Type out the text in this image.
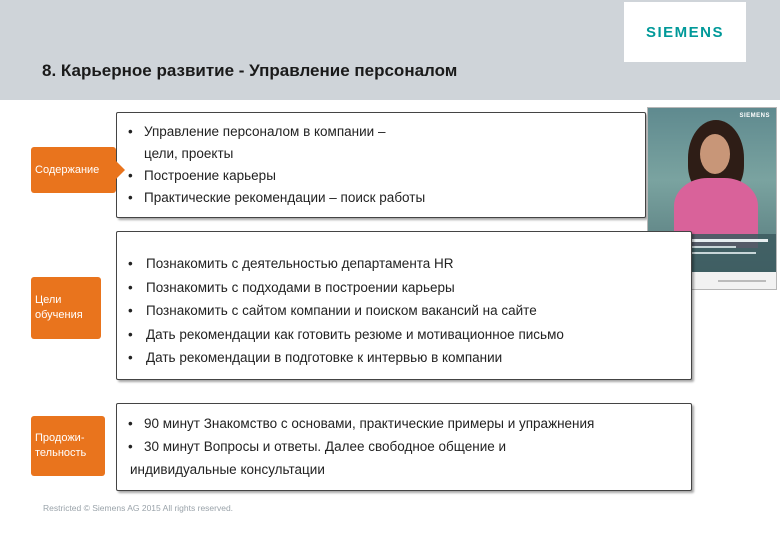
SIEMENS
8. Карьерное развитие - Управление персоналом
Содержание
• Управление персоналом в компании –
цели, проекты
• Построение карьеры
• Практические рекомендации – поиск работы
SIEMENS
Цели
обучения
• Познакомить с деятельностью департамента HR
• Познакомить с подходами в построении карьеры
• Познакомить с сайтом компании и поиском вакансий на сайте
• Дать рекомендации как готовить резюме и мотивационное письмо
• Дать рекомендации в подготовке к интервью в компании
Продожи-
тельность
• 90 минут Знакомство с основами, практические примеры и упражнения
• 30 минут Вопросы и ответы. Далее свободное общение и
индивидуальные консультации
Restricted © Siemens AG 2015 All rights reserved.
